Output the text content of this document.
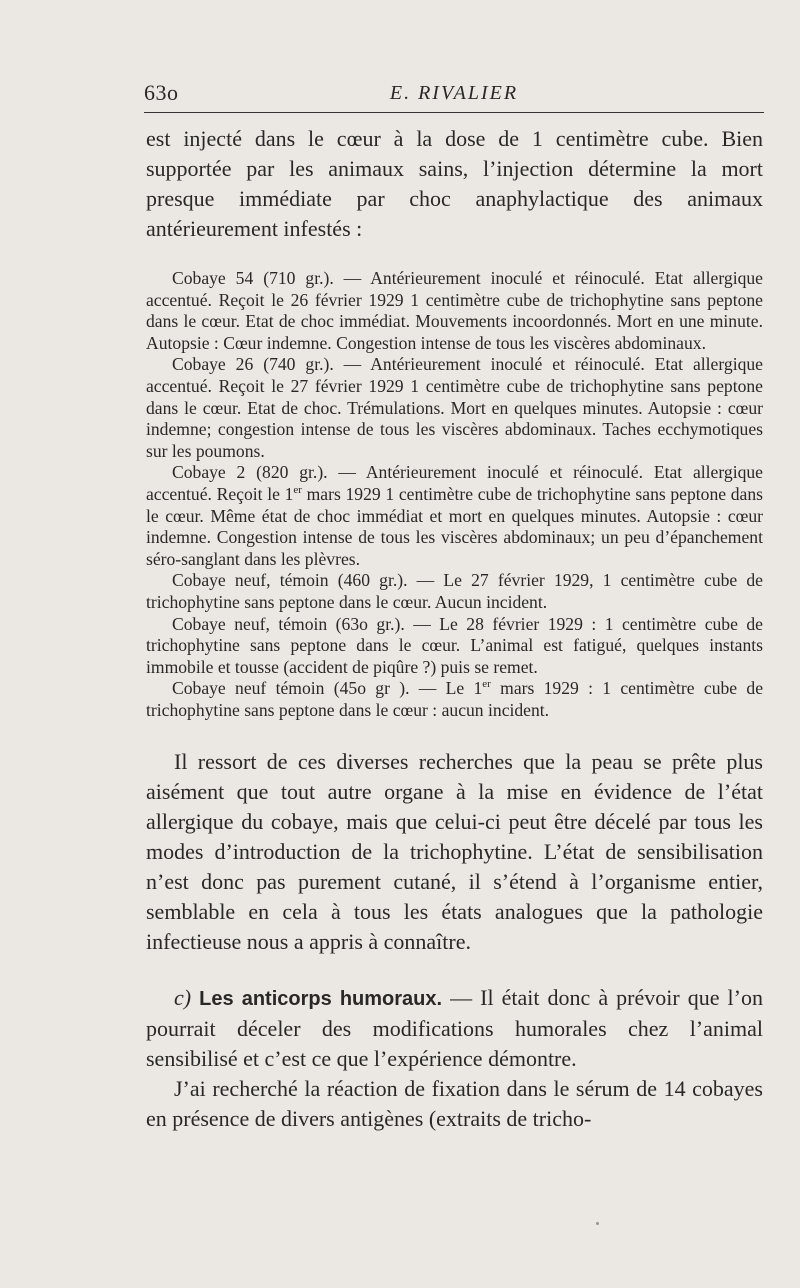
63o	E. RIVALIER

est injecté dans le cœur à la dose de 1 centimètre cube. Bien supportée par les animaux sains, l’injection détermine la mort presque immédiate par choc anaphylactique des animaux antérieurement infestés :

Cobaye 54 (710 gr.). — Antérieurement inoculé et réinoculé. Etat allergique accentué. Reçoit le 26 février 1929 1 centimètre cube de trichophytine sans peptone dans le cœur. Etat de choc immédiat. Mouvements incoordonnés. Mort en une minute. Autopsie : Cœur indemne. Congestion intense de tous les viscères abdominaux.

Cobaye 26 (740 gr.). — Antérieurement inoculé et réinoculé. Etat allergique accentué. Reçoit le 27 février 1929 1 centimètre cube de trichophytine sans peptone dans le cœur. Etat de choc. Trémulations. Mort en quelques minutes. Autopsie : cœur indemne; congestion intense de tous les viscères abdominaux. Taches ecchymotiques sur les poumons.

Cobaye 2 (820 gr.). — Antérieurement inoculé et réinoculé. Etat allergique accentué. Reçoit le 1er mars 1929 1 centimètre cube de trichophytine sans peptone dans le cœur. Même état de choc immédiat et mort en quelques minutes. Autopsie : cœur indemne. Congestion intense de tous les viscères abdominaux; un peu d’épanchement séro-sanglant dans les plèvres.

Cobaye neuf, témoin (460 gr.). — Le 27 février 1929, 1 centimètre cube de trichophytine sans peptone dans le cœur. Aucun incident.

Cobaye neuf, témoin (63o gr.). — Le 28 février 1929 : 1 centimètre cube de trichophytine sans peptone dans le cœur. L’animal est fatigué, quelques instants immobile et tousse (accident de piqûre ?) puis se remet.

Cobaye neuf témoin (45o gr ). — Le 1er mars 1929 : 1 centimètre cube de trichophytine sans peptone dans le cœur : aucun incident.

Il ressort de ces diverses recherches que la peau se prête plus aisément que tout autre organe à la mise en évidence de l’état allergique du cobaye, mais que celui-ci peut être décelé par tous les modes d’introduction de la trichophytine. L’état de sensibilisation n’est donc pas purement cutané, il s’étend à l’organisme entier, semblable en cela à tous les états analogues que la pathologie infectieuse nous a appris à connaître.

c) Les anticorps humoraux. — Il était donc à prévoir que l’on pourrait déceler des modifications humorales chez l’animal sensibilisé et c’est ce que l’expérience démontre.

J’ai recherché la réaction de fixation dans le sérum de 14 cobayes en présence de divers antigènes (extraits de tricho-
